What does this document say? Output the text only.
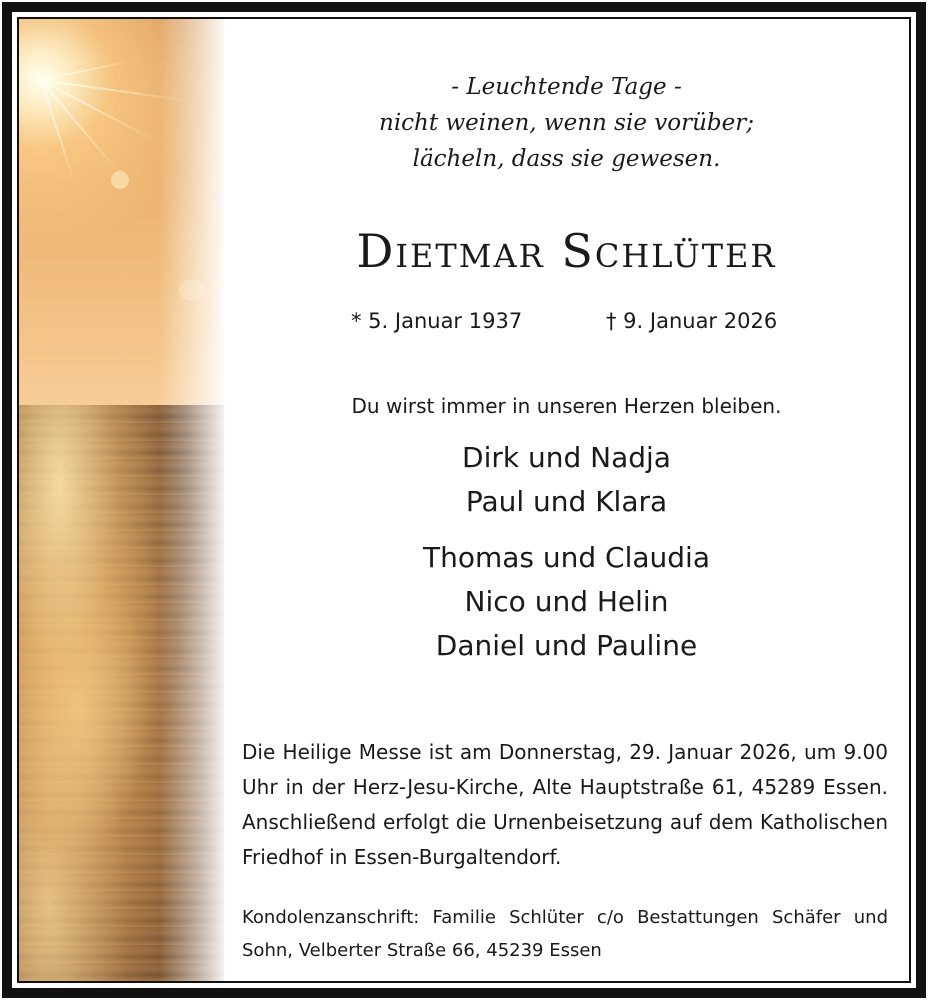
- Leuchtende Tage -
nicht weinen, wenn sie vorüber;
lächeln, dass sie gewesen.
Dietmar Schlüter
* 5. Januar 1937	† 9. Januar 2026
Du wirst immer in unseren Herzen bleiben.
Dirk und Nadja
Paul und Klara
Thomas und Claudia
Nico und Helin
Daniel und Pauline
Die Heilige Messe ist am Donnerstag, 29. Januar 2026, um 9.00 Uhr in der Herz-Jesu-Kirche, Alte Hauptstraße 61, 45289 Essen. Anschließend erfolgt die Urnenbeisetzung auf dem Katholischen Friedhof in Essen-Burgaltendorf.
Kondolenzanschrift: Familie Schlüter c/o Bestattungen Schäfer und Sohn, Velberter Straße 66, 45239 Essen
